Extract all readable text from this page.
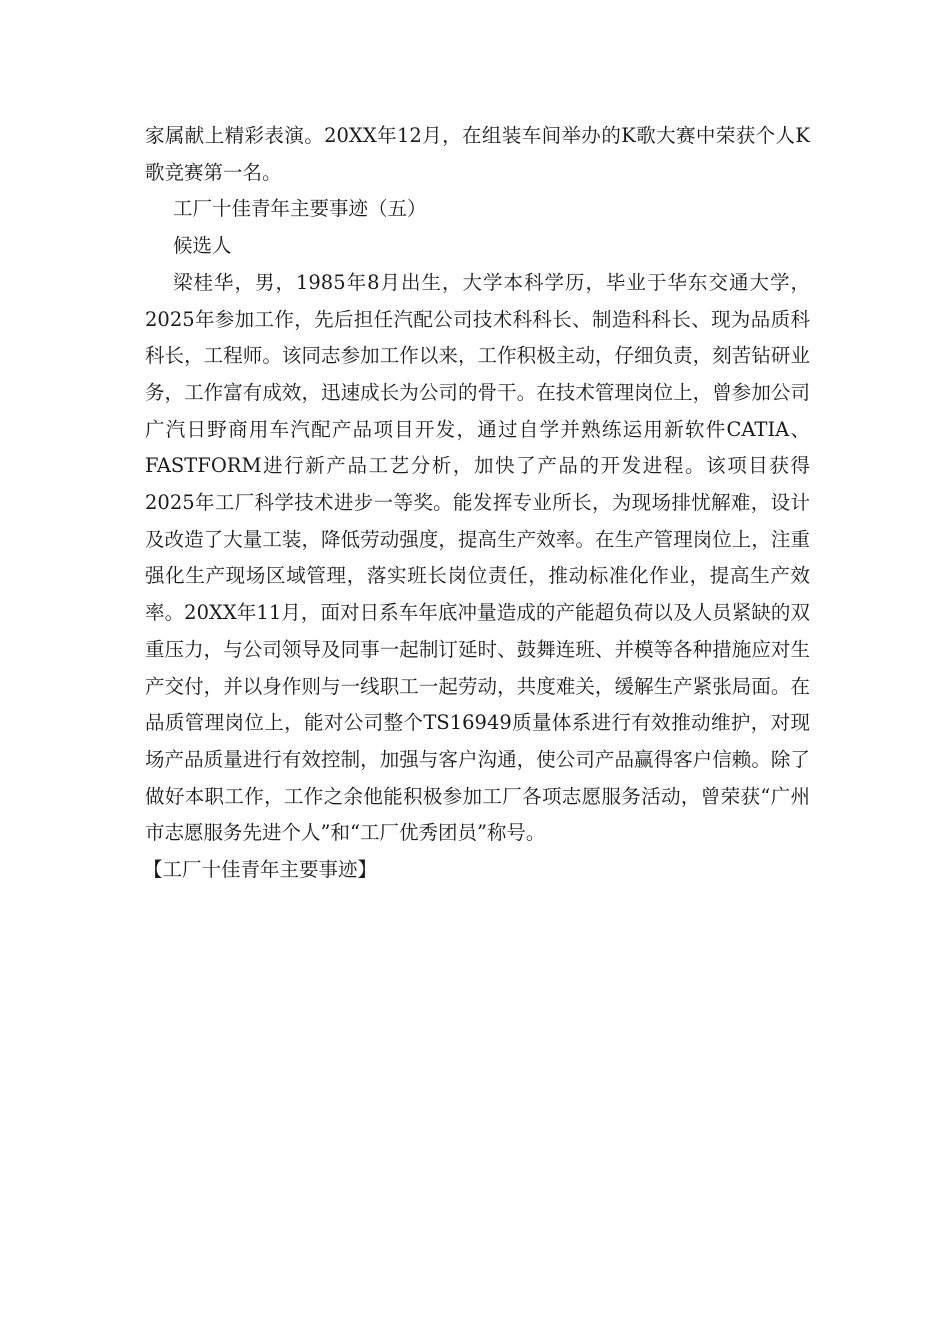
家属献上精彩表演。20XX年12月，在组装车间举办的K歌大赛中荣获个人K歌竞赛第一名。

工厂十佳青年主要事迹（五）

候选人

梁桂华，男，1985年8月出生，大学本科学历，毕业于华东交通大学，2025年参加工作，先后担任汽配公司技术科科长、制造科科长、现为品质科科长，工程师。该同志参加工作以来，工作积极主动，仔细负责，刻苦钻研业务，工作富有成效，迅速成长为公司的骨干。在技术管理岗位上，曾参加公司广汽日野商用车汽配产品项目开发，通过自学并熟练运用新软件CATIA、FASTFORM进行新产品工艺分析，加快了产品的开发进程。该项目获得2025年工厂科学技术进步一等奖。能发挥专业所长，为现场排忧解难，设计及改造了大量工装，降低劳动强度，提高生产效率。在生产管理岗位上，注重强化生产现场区域管理，落实班长岗位责任，推动标准化作业，提高生产效率。20XX年11月，面对日系车年底冲量造成的产能超负荷以及人员紧缺的双重压力，与公司领导及同事一起制订延时、鼓舞连班、并模等各种措施应对生产交付，并以身作则与一线职工一起劳动，共度难关，缓解生产紧张局面。在品质管理岗位上，能对公司整个TS16949质量体系进行有效推动维护，对现场产品质量进行有效控制，加强与客户沟通，使公司产品赢得客户信赖。除了做好本职工作，工作之余他能积极参加工厂各项志愿服务活动，曾荣获“广州市志愿服务先进个人”和“工厂优秀团员”称号。

【工厂十佳青年主要事迹】
